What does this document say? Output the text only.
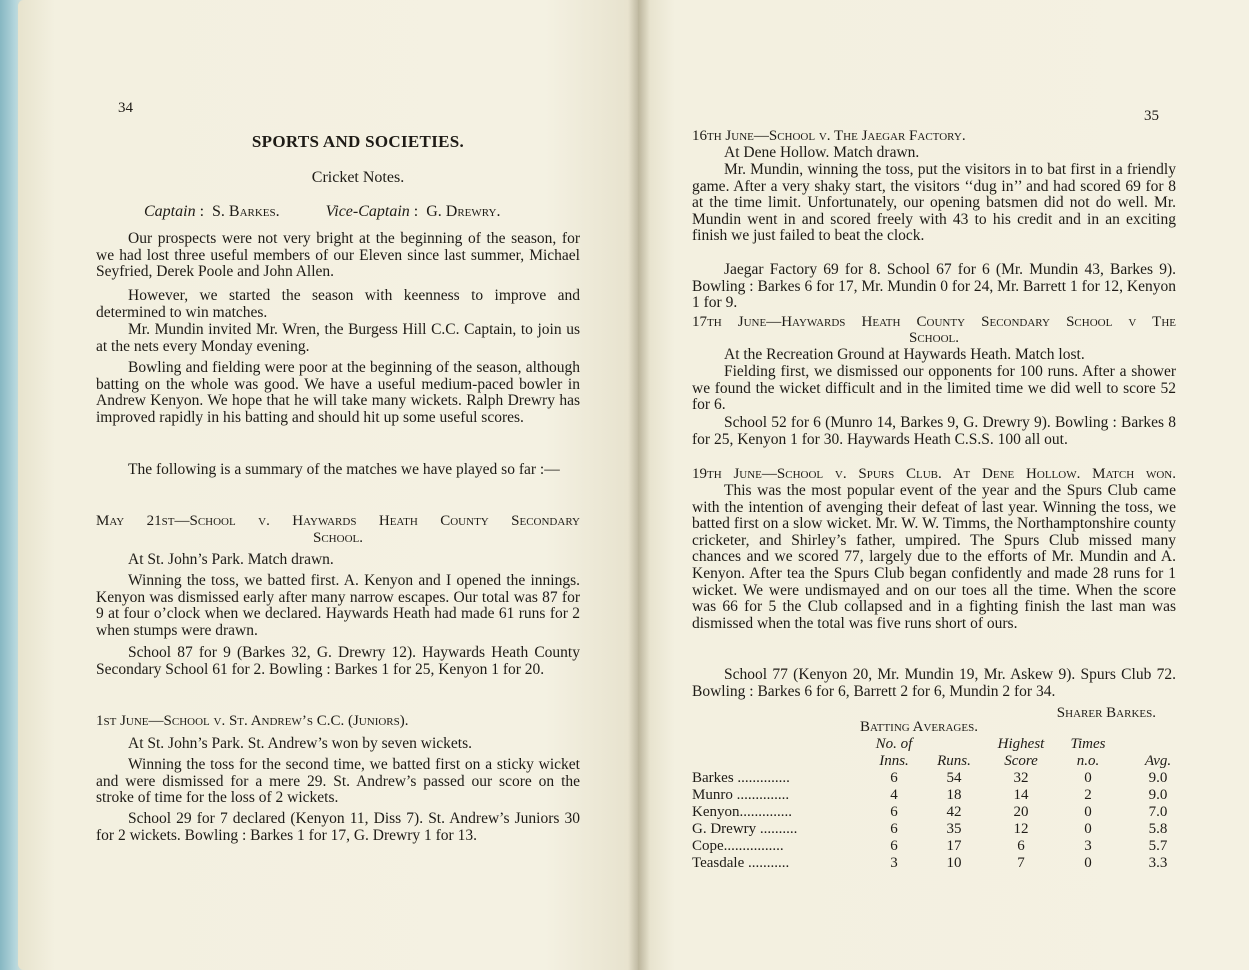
34
SPORTS AND SOCIETIES.
Cricket Notes.
Captain :  S. Barkes.	Vice-Captain :  G. Drewry.

Our prospects were not very bright at the beginning of the season, for we had lost three useful members of our Eleven since last summer, Michael Seyfried, Derek Poole and John Allen.

However, we started the season with keenness to improve and determined to win matches.

Mr. Mundin invited Mr. Wren, the Burgess Hill C.C. Captain, to join us at the nets every Monday evening.

Bowling and fielding were poor at the beginning of the season, although batting on the whole was good. We have a useful medium-paced bowler in Andrew Kenyon. We hope that he will take many wickets. Ralph Drewry has improved rapidly in his batting and should hit up some useful scores.

The following is a summary of the matches we have played so far :—

May 21st—School v. Haywards Heath County Secondary
School.

At St. John’s Park. Match drawn.

Winning the toss, we batted first. A. Kenyon and I opened the innings. Kenyon was dismissed early after many narrow escapes. Our total was 87 for 9 at four o’clock when we declared. Haywards Heath had made 61 runs for 2 when stumps were drawn.

School 87 for 9 (Barkes 32, G. Drewry 12). Haywards Heath County Secondary School 61 for 2. Bowling : Barkes 1 for 25, Kenyon 1 for 20.

1st June—School v. St. Andrew’s C.C. (Juniors).

At St. John’s Park. St. Andrew’s won by seven wickets.

Winning the toss for the second time, we batted first on a sticky wicket and were dismissed for a mere 29. St. Andrew’s passed our score on the stroke of time for the loss of 2 wickets.

School 29 for 7 declared (Kenyon 11, Diss 7). St. Andrew’s Juniors 30 for 2 wickets. Bowling : Barkes 1 for 17, G. Drewry 1 for 13.

35
16th June—School v. The Jaegar Factory.

At Dene Hollow. Match drawn.

Mr. Mundin, winning the toss, put the visitors in to bat first in a friendly game. After a very shaky start, the visitors ‘‘dug in’’ and had scored 69 for 8 at the time limit. Unfortunately, our opening batsmen did not do well. Mr. Mundin went in and scored freely with 43 to his credit and in an exciting finish we just failed to beat the clock.

Jaegar Factory 69 for 8. School 67 for 6 (Mr. Mundin 43, Barkes 9). Bowling : Barkes 6 for 17, Mr. Mundin 0 for 24, Mr. Barrett 1 for 12, Kenyon 1 for 9.

17th June—Haywards Heath County Secondary School v The
School.

At the Recreation Ground at Haywards Heath. Match lost.

Fielding first, we dismissed our opponents for 100 runs. After a shower we found the wicket difficult and in the limited time we did well to score 52 for 6.

School 52 for 6 (Munro 14, Barkes 9, G. Drewry 9). Bowling : Barkes 8 for 25, Kenyon 1 for 30. Haywards Heath C.S.S. 100 all out.

19th June—School v. Spurs Club. At Dene Hollow. Match won.

This was the most popular event of the year and the Spurs Club came with the intention of avenging their defeat of last year. Winning the toss, we batted first on a slow wicket. Mr. W. W. Timms, the Northamptonshire county cricketer, and Shirley’s father, umpired. The Spurs Club missed many chances and we scored 77, largely due to the efforts of Mr. Mundin and A. Kenyon. After tea the Spurs Club began confidently and made 28 runs for 1 wicket. We were undismayed and on our toes all the time. When the score was 66 for 5 the Club collapsed and in a fighting finish the last man was dismissed when the total was five runs short of ours.

School 77 (Kenyon 20, Mr. Mundin 19, Mr. Askew 9). Spurs Club 72. Bowling : Barkes 6 for 6, Barrett 2 for 6, Mundin 2 for 34.

Sharer Barkes.
Batting Averages.
	No. of		Highest	Times	
	Inns.	Runs.	Score	n.o.	Avg.
Barkes ..............	6	54	32	0	9.0
Munro ..............	4	18	14	2	9.0
Kenyon..............	6	42	20	0	7.0
G. Drewry ..........	6	35	12	0	5.8
Cope................	6	17	6	3	5.7
Teasdale ...........	3	10	7	0	3.3
